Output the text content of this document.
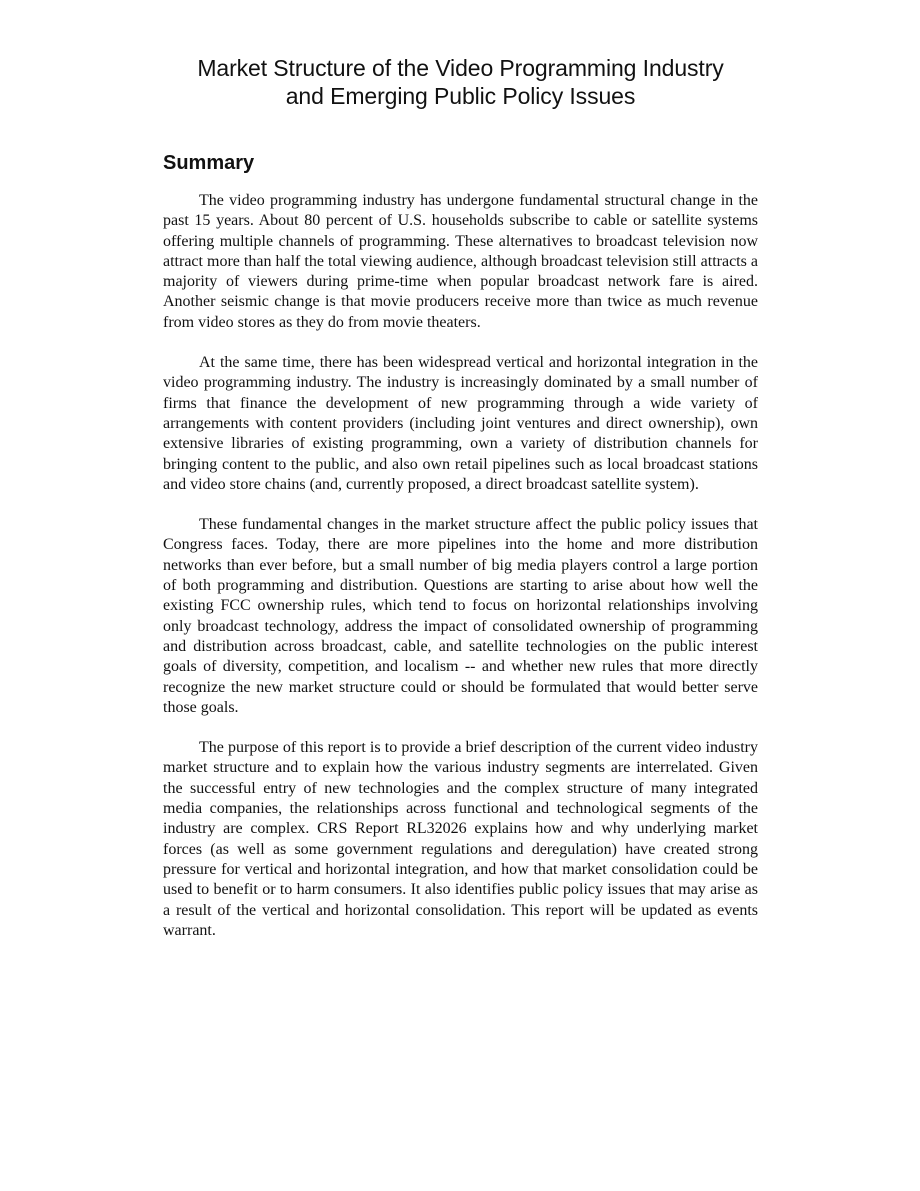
Market Structure of the Video Programming Industry
and Emerging Public Policy Issues
Summary

The video programming industry has undergone fundamental structural change in the past 15 years. About 80 percent of U.S. households subscribe to cable or satellite systems offering multiple channels of programming. These alternatives to broadcast television now attract more than half the total viewing audience, although broadcast television still attracts a majority of viewers during prime-time when popular broadcast network fare is aired. Another seismic change is that movie producers receive more than twice as much revenue from video stores as they do from movie theaters.

At the same time, there has been widespread vertical and horizontal integration in the video programming industry. The industry is increasingly dominated by a small number of firms that finance the development of new programming through a wide variety of arrangements with content providers (including joint ventures and direct ownership), own extensive libraries of existing programming, own a variety of distribution channels for bringing content to the public, and also own retail pipelines such as local broadcast stations and video store chains (and, currently proposed, a direct broadcast satellite system).

These fundamental changes in the market structure affect the public policy issues that Congress faces. Today, there are more pipelines into the home and more distribution networks than ever before, but a small number of big media players control a large portion of both programming and distribution. Questions are starting to arise about how well the existing FCC ownership rules, which tend to focus on horizontal relationships involving only broadcast technology, address the impact of consolidated ownership of programming and distribution across broadcast, cable, and satellite technologies on the public interest goals of diversity, competition, and localism -- and whether new rules that more directly recognize the new market structure could or should be formulated that would better serve those goals.

The purpose of this report is to provide a brief description of the current video industry market structure and to explain how the various industry segments are interrelated. Given the successful entry of new technologies and the complex structure of many integrated media companies, the relationships across functional and technological segments of the industry are complex. CRS Report RL32026 explains how and why underlying market forces (as well as some government regulations and deregulation) have created strong pressure for vertical and horizontal integration, and how that market consolidation could be used to benefit or to harm consumers. It also identifies public policy issues that may arise as a result of the vertical and horizontal consolidation. This report will be updated as events warrant.
